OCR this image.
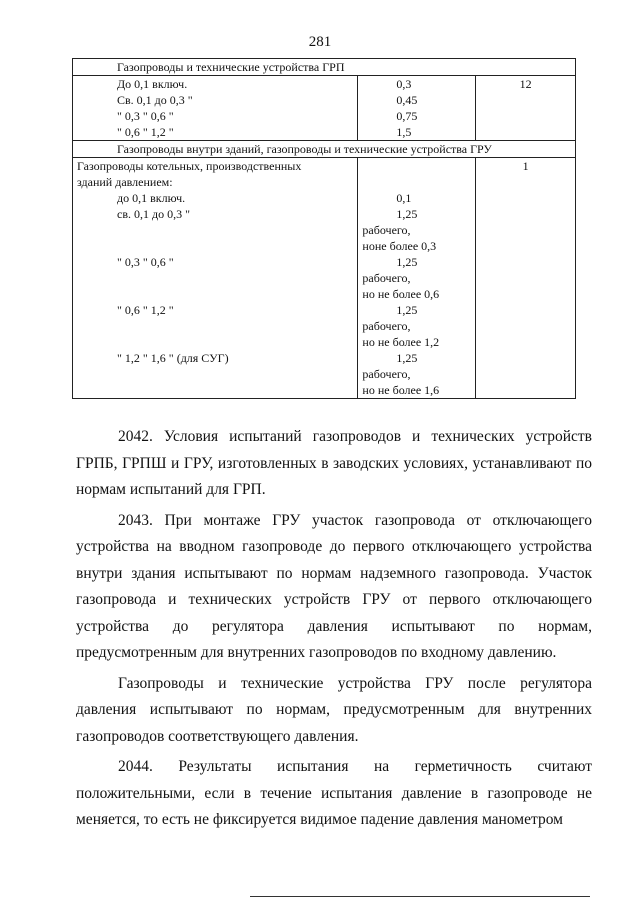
281
Газопроводы и технические устройства ГРП		
До 0,1 включ.	0,3	12
Св. 0,1 до 0,3 "	0,45	
" 0,3 " 0,6 "	0,75	
" 0,6 " 1,2 "	1,5	
Газопроводы внутри зданий, газопроводы и технические устройства ГРУ		
Газопроводы котельных, производственных		1
зданий давлением:		
до 0,1 включ.	0,1	
св. 0,1 до 0,3 "	1,25	
	рабочего,	
	ноне более 0,3	
" 0,3 " 0,6 "	1,25	
	рабочего,	
	но не более 0,6	
" 0,6 " 1,2 "	1,25	
	рабочего,	
	но не более 1,2	
" 1,2 " 1,6 " (для СУГ)	1,25	
	рабочего,	
	но не более 1,6	

2042. Условия испытаний газопроводов и технических устройств ГРПБ, ГРПШ и ГРУ, изготовленных в заводских условиях, устанавливают по нормам испытаний для ГРП.

2043. При монтаже ГРУ участок газопровода от отключающего устройства на вводном газопроводе до первого отключающего устройства внутри здания испытывают по нормам надземного газопровода. Участок газопровода и технических устройств ГРУ от первого отключающего устройства до регулятора давления испытывают по нормам, предусмотренным для внутренних газопроводов по входному давлению.

Газопроводы и технические устройства ГРУ после регулятора давления испытывают по нормам, предусмотренным для внутренних газопроводов соответствующего давления.

2044. Результаты испытания на герметичность считают положительными, если в течение испытания давление в газопроводе не меняется, то есть не фиксируется видимое падение давления манометром
